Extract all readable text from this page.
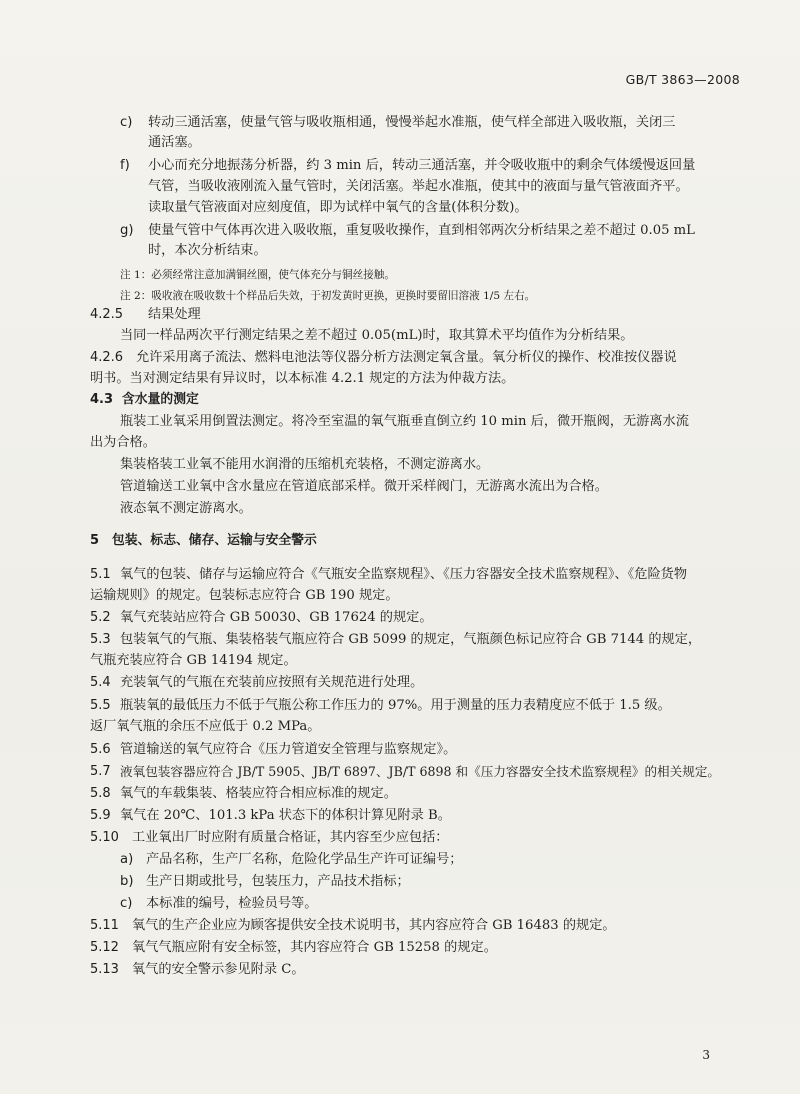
GB/T 3863—2008
c) 转动三通活塞，使量气管与吸收瓶相通，慢慢举起水准瓶，使气样全部进入吸收瓶，关闭三
通活塞。
f) 小心而充分地振荡分析器，约 3 min 后，转动三通活塞，并令吸收瓶中的剩余气体缓慢返回量
气管，当吸收液刚流入量气管时，关闭活塞。举起水准瓶，使其中的液面与量气管液面齐平。
读取量气管液面对应刻度值，即为试样中氧气的含量(体积分数)。
g) 使量气管中气体再次进入吸收瓶，重复吸收操作，直到相邻两次分析结果之差不超过 0.05 mL
时，本次分析结束。
注 1：必须经常注意加满铜丝圈，使气体充分与铜丝接触。
注 2：吸收液在吸收数十个样品后失效，于初发黄时更换，更换时要留旧溶液 1/5 左右。
4.2.5 结果处理
当同一样品两次平行测定结果之差不超过 0.05(mL)时，取其算术平均值作为分析结果。
4.2.6 允许采用离子流法、燃料电池法等仪器分析方法测定氧含量。氧分析仪的操作、校准按仪器说
明书。当对测定结果有异议时，以本标准 4.2.1 规定的方法为仲裁方法。
4.3 含水量的测定
瓶装工业氧采用倒置法测定。将冷至室温的氧气瓶垂直倒立约 10 min 后，微开瓶阀，无游离水流
出为合格。
集装格装工业氧不能用水润滑的压缩机充装格，不测定游离水。
管道输送工业氧中含水量应在管道底部采样。微开采样阀门，无游离水流出为合格。
液态氧不测定游离水。
5 包装、标志、储存、运输与安全警示
5.1 氧气的包装、储存与运输应符合《气瓶安全监察规程》、《压力容器安全技术监察规程》、《危险货物
运输规则》的规定。包装标志应符合 GB 190 规定。
5.2 氧气充装站应符合 GB 50030、GB 17624 的规定。
5.3 包装氧气的气瓶、集装格装气瓶应符合 GB 5099 的规定，气瓶颜色标记应符合 GB 7144 的规定，
气瓶充装应符合 GB 14194 规定。
5.4 充装氧气的气瓶在充装前应按照有关规范进行处理。
5.5 瓶装氧的最低压力不低于气瓶公称工作压力的 97%。用于测量的压力表精度应不低于 1.5 级。
返厂氧气瓶的余压不应低于 0.2 MPa。
5.6 管道输送的氧气应符合《压力管道安全管理与监察规定》。
5.7 液氧包装容器应符合 JB/T 5905、JB/T 6897、JB/T 6898 和《压力容器安全技术监察规程》的相关规定。
5.8 氧气的车载集装、格装应符合相应标准的规定。
5.9 氧气在 20℃、101.3 kPa 状态下的体积计算见附录 B。
5.10 工业氧出厂时应附有质量合格证，其内容至少应包括：
a) 产品名称，生产厂名称，危险化学品生产许可证编号；
b) 生产日期或批号，包装压力，产品技术指标；
c) 本标准的编号，检验员号等。
5.11 氧气的生产企业应为顾客提供安全技术说明书，其内容应符合 GB 16483 的规定。
5.12 氧气气瓶应附有安全标签，其内容应符合 GB 15258 的规定。
5.13 氧气的安全警示参见附录 C。
3
